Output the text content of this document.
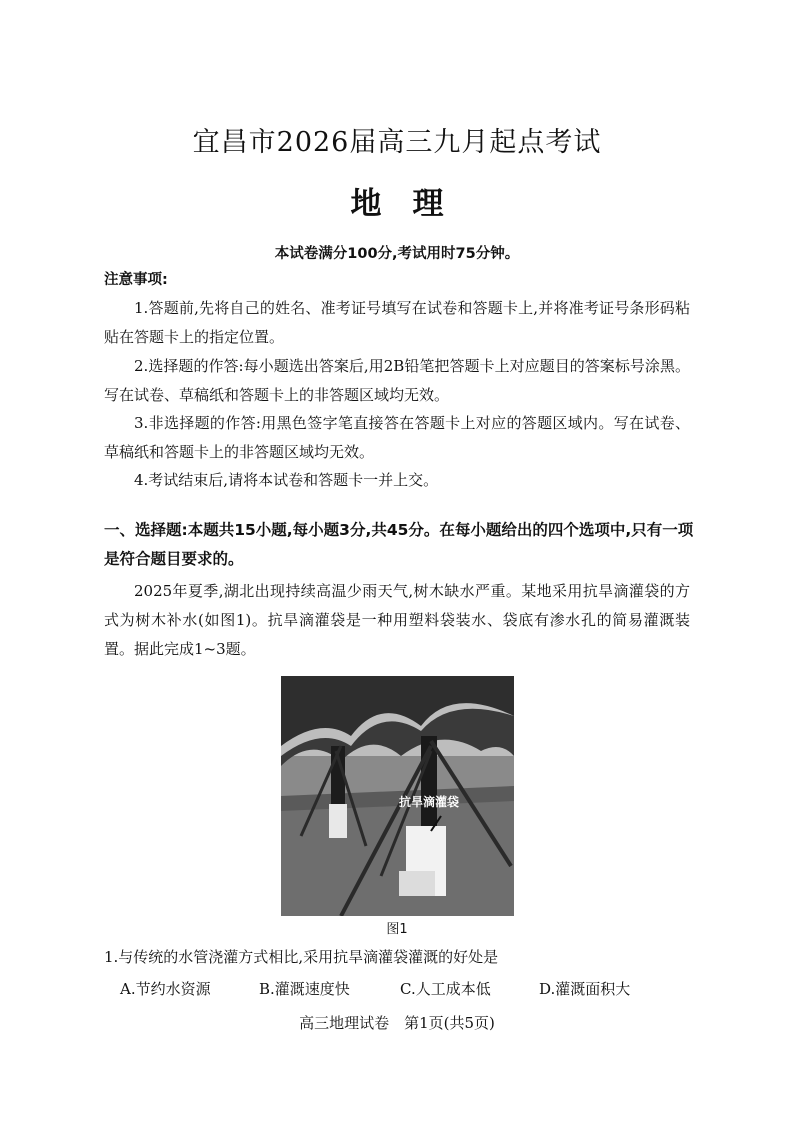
宜昌市2026届高三九月起点考试
地　理
本试卷满分100分,考试用时75分钟。
注意事项:
1.答题前,先将自己的姓名、准考证号填写在试卷和答题卡上,并将准考证号条形码粘贴在答题卡上的指定位置。
2.选择题的作答:每小题选出答案后,用2B铅笔把答题卡上对应题目的答案标号涂黑。写在试卷、草稿纸和答题卡上的非答题区域均无效。
3.非选择题的作答:用黑色签字笔直接答在答题卡上对应的答题区域内。写在试卷、草稿纸和答题卡上的非答题区域均无效。
4.考试结束后,请将本试卷和答题卡一并上交。
一、选择题:本题共15小题,每小题3分,共45分。在每小题给出的四个选项中,只有一项是符合题目要求的。
2025年夏季,湖北出现持续高温少雨天气,树木缺水严重。某地采用抗旱滴灌袋的方式为树木补水(如图1)。抗旱滴灌袋是一种用塑料袋装水、袋底有渗水孔的简易灌溉装置。据此完成1~3题。
抗旱滴灌袋
图1
1.与传统的水管浇灌方式相比,采用抗旱滴灌袋灌溉的好处是
A.节约水资源	B.灌溉速度快	C.人工成本低	D.灌溉面积大
高三地理试卷　第1页(共5页)
